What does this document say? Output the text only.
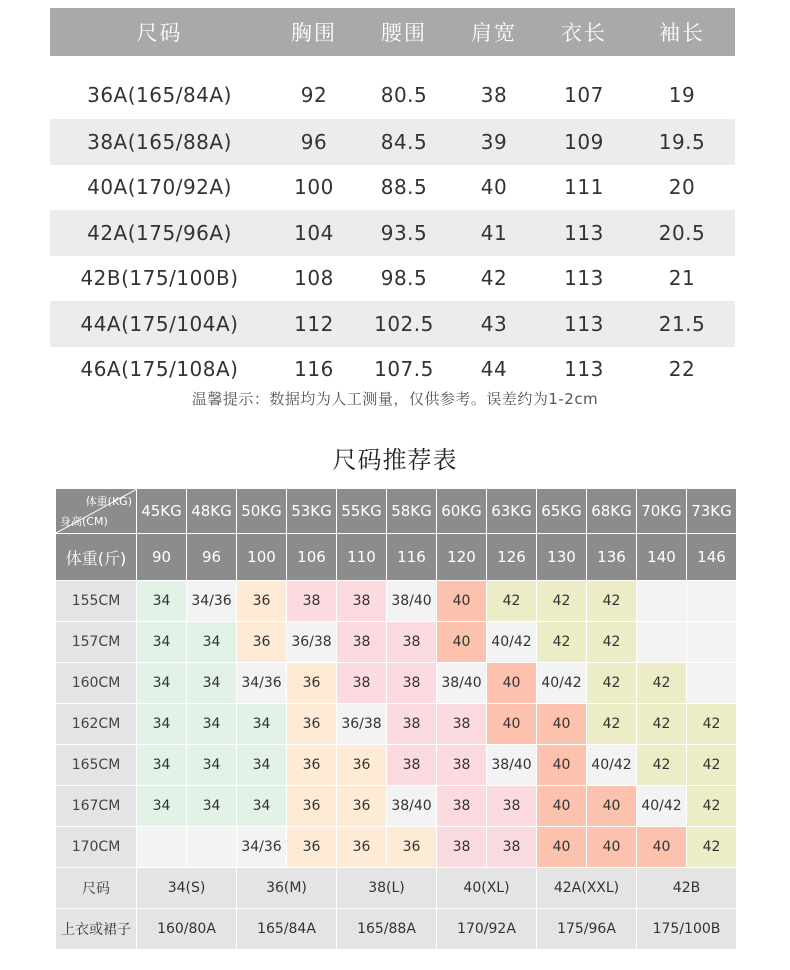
尺码	胸围	腰围	肩宽	衣长	袖长
36A(165/84A)	92	80.5	38	107	19
38A(165/88A)	96	84.5	39	109	19.5
40A(170/92A)	100	88.5	40	111	20
42A(175/96A)	104	93.5	41	113	20.5
42B(175/100B)	108	98.5	42	113	21
44A(175/104A)	112	102.5	43	113	21.5
46A(175/108A)	116	107.5	44	113	22
温馨提示：数据均为人工测量，仅供参考。误差约为1-2cm
尺码推荐表
体重(KG)
身高(CM)	45KG	48KG	50KG	53KG	55KG	58KG	60KG	63KG	65KG	68KG	70KG	73KG
体重(斤)	90	96	100	106	110	116	120	126	130	136	140	146
155CM	34	34/36	36	38	38	38/40	40	42	42	42		
157CM	34	34	36	36/38	38	38	40	40/42	42	42		
160CM	34	34	34/36	36	38	38	38/40	40	40/42	42	42	
162CM	34	34	34	36	36/38	38	38	40	40	42	42	42
165CM	34	34	34	36	36	38	38	38/40	40	40/42	42	42
167CM	34	34	34	36	36	38/40	38	38	40	40	40/42	42
170CM			34/36	36	36	36	38	38	40	40	40	42
尺码	34(S)		36(M)		38(L)		40(XL)		42A(XXL)		42B	
上衣或裙子	160/80A		165/84A		165/88A		170/92A		175/96A		175/100B	
